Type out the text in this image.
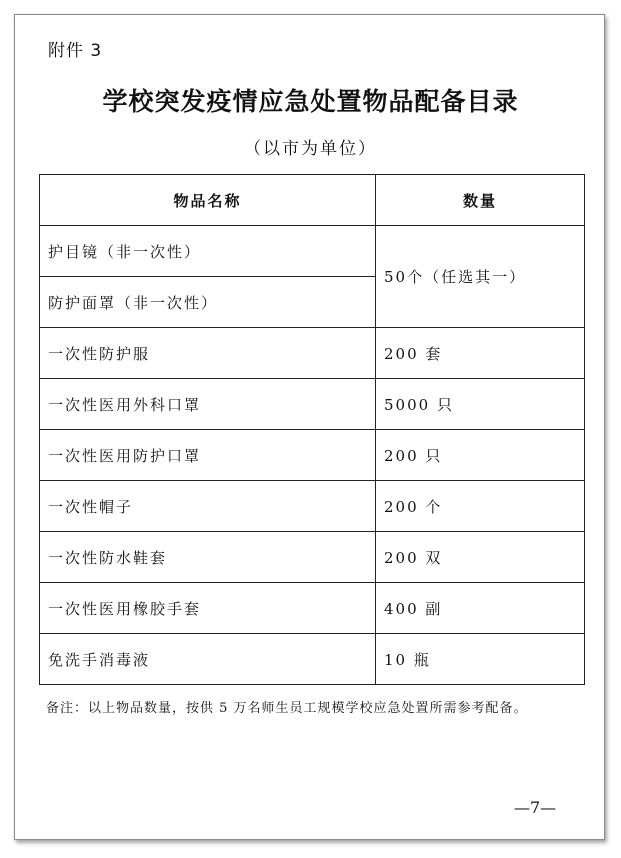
附件 3
学校突发疫情应急处置物品配备目录
（以市为单位）
物品名称	数量
护目镜（非一次性）	50个（任选其一）
防护面罩（非一次性）	
一次性防护服	200 套
一次性医用外科口罩	5000 只
一次性医用防护口罩	200 只
一次性帽子	200 个
一次性防水鞋套	200 双
一次性医用橡胶手套	400 副
免洗手消毒液	10 瓶
备注：以上物品数量，按供 5 万名师生员工规模学校应急处置所需参考配备。
—7—
